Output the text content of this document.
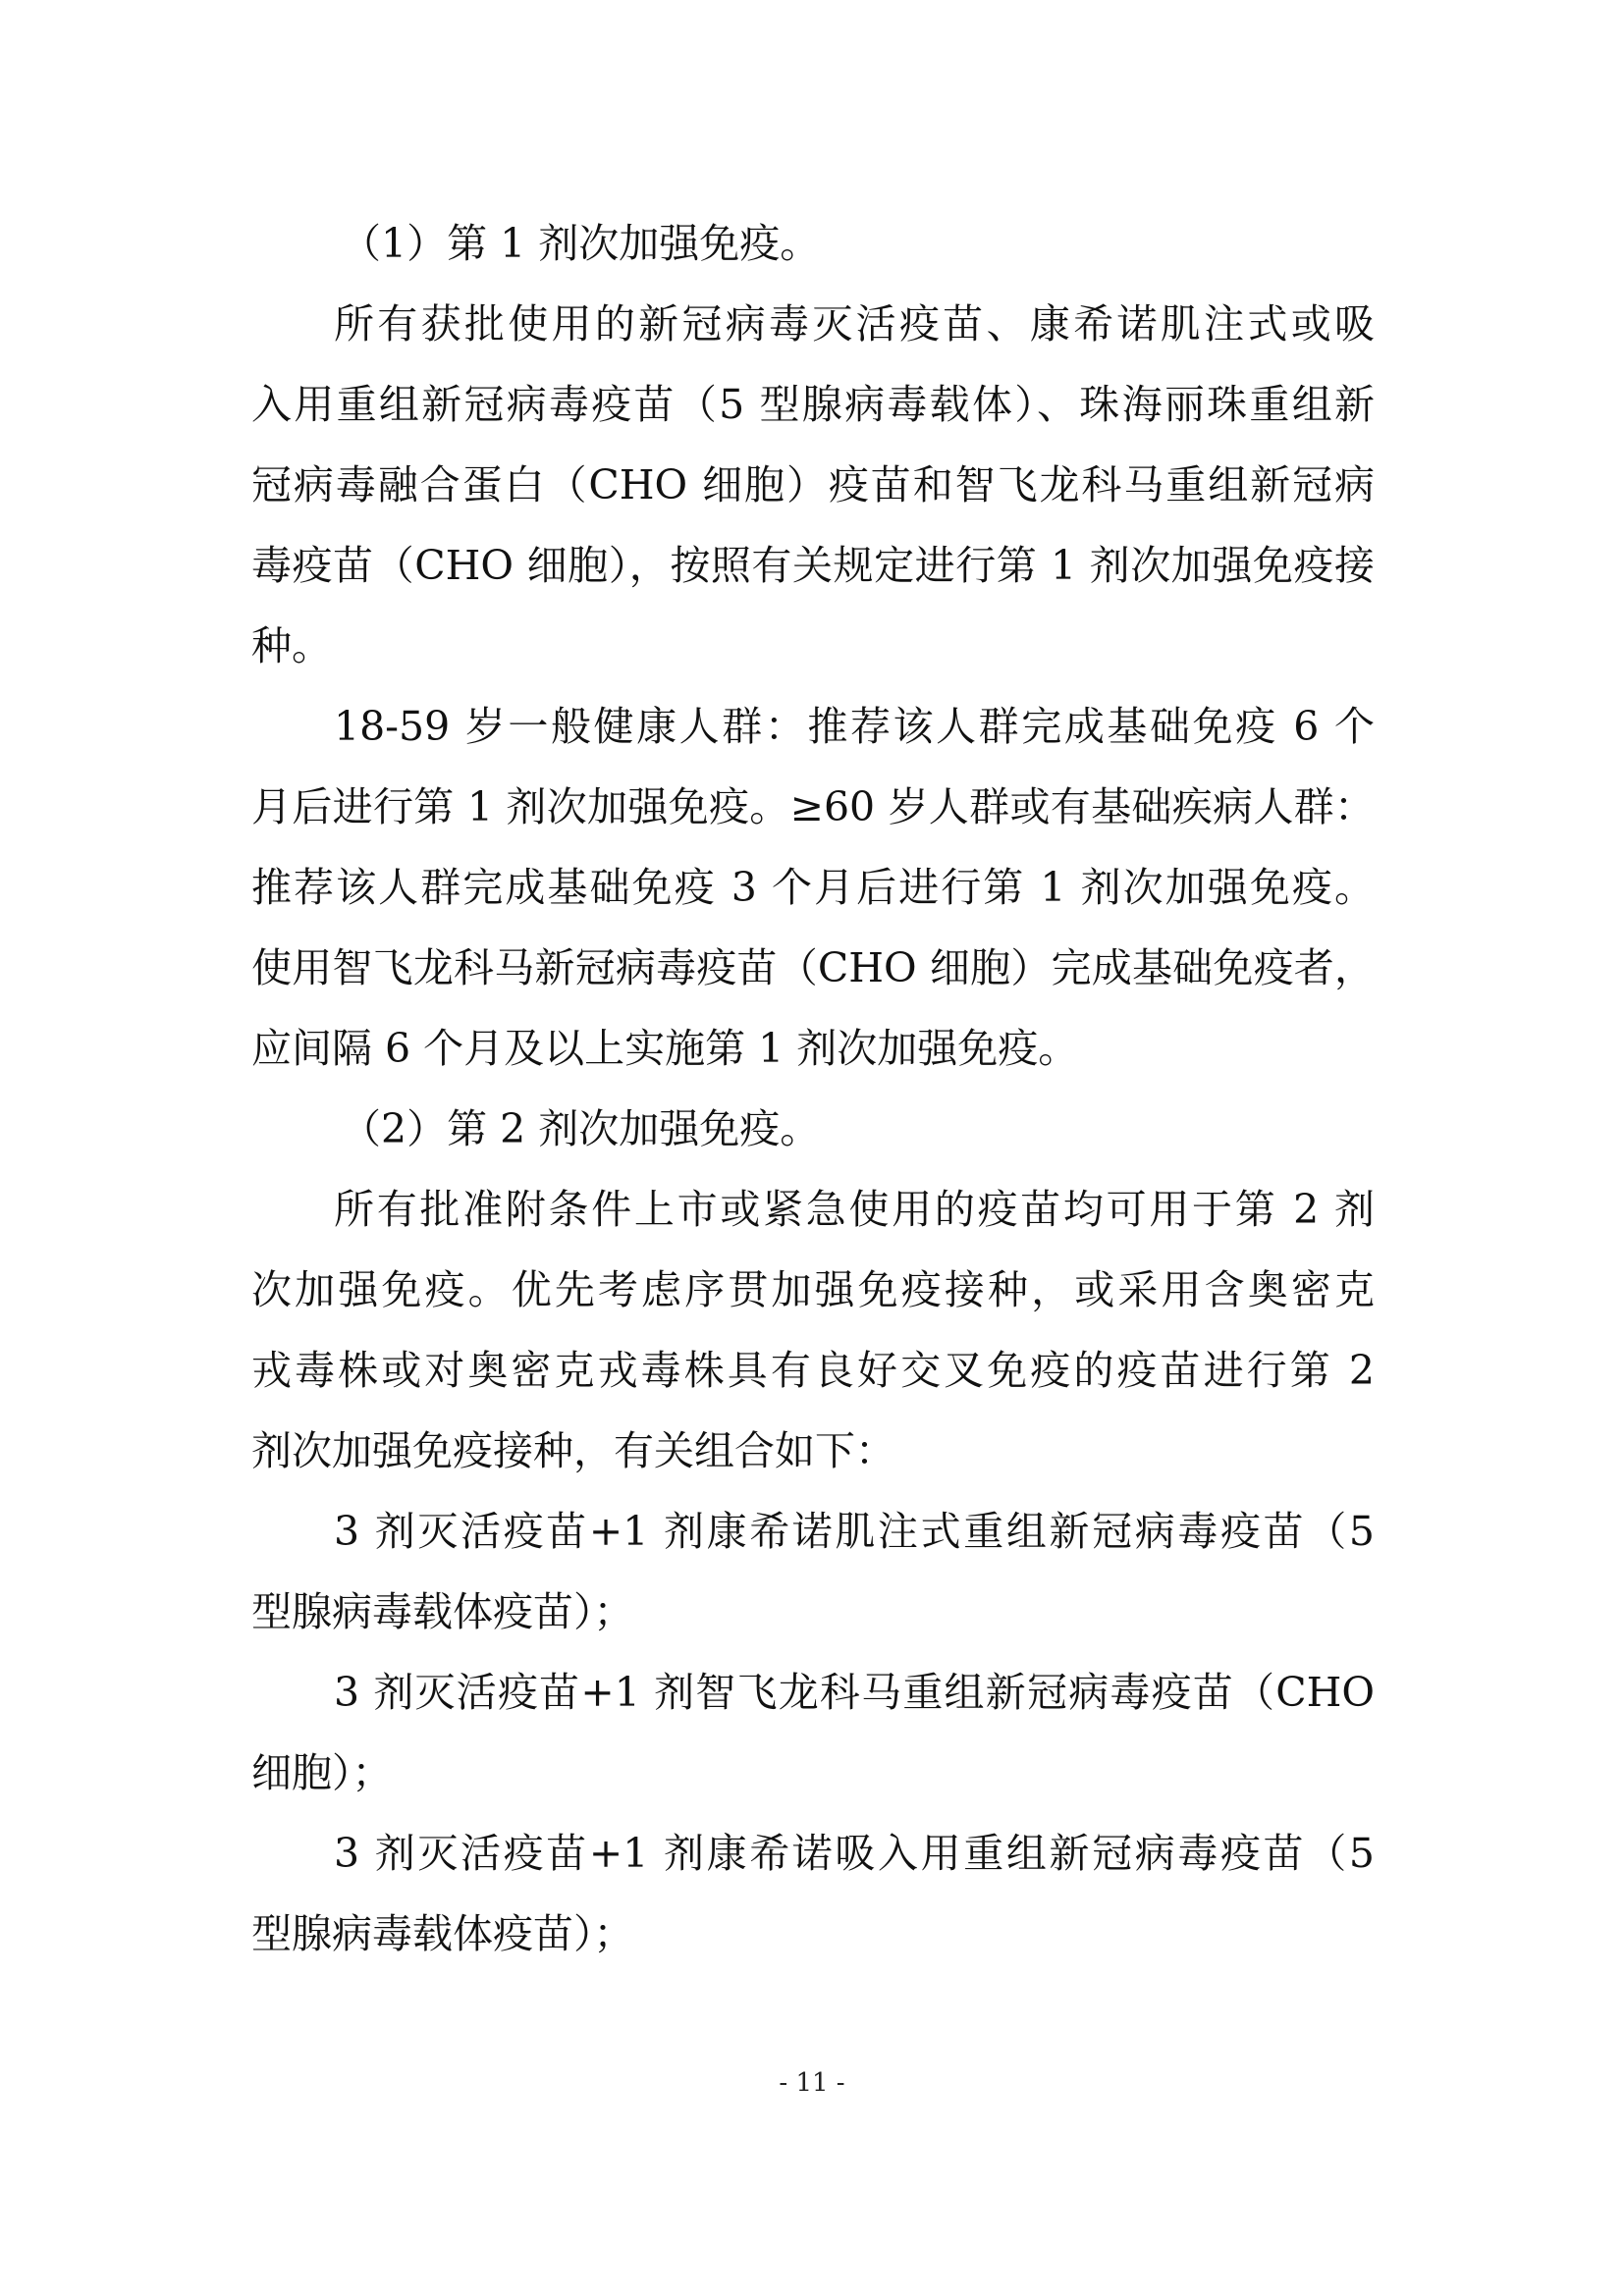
（1）第 1 剂次加强免疫。
所有获批使用的新冠病毒灭活疫苗、康希诺肌注式或吸
入用重组新冠病毒疫苗（5 型腺病毒载体）、珠海丽珠重组新
冠病毒融合蛋白（CHO 细胞）疫苗和智飞龙科马重组新冠病
毒疫苗（CHO 细胞），按照有关规定进行第 1 剂次加强免疫接
种。
18-59 岁一般健康人群：推荐该人群完成基础免疫 6 个
月后进行第 1 剂次加强免疫。≥60 岁人群或有基础疾病人群：
推荐该人群完成基础免疫 3 个月后进行第 1 剂次加强免疫。
使用智飞龙科马新冠病毒疫苗（CHO 细胞）完成基础免疫者，
应间隔 6 个月及以上实施第 1 剂次加强免疫。
（2）第 2 剂次加强免疫。
所有批准附条件上市或紧急使用的疫苗均可用于第 2 剂
次加强免疫。优先考虑序贯加强免疫接种，或采用含奥密克
戎毒株或对奥密克戎毒株具有良好交叉免疫的疫苗进行第 2
剂次加强免疫接种，有关组合如下：
3 剂灭活疫苗+1 剂康希诺肌注式重组新冠病毒疫苗（5
型腺病毒载体疫苗）；
3 剂灭活疫苗+1 剂智飞龙科马重组新冠病毒疫苗（CHO
细胞）；
3 剂灭活疫苗+1 剂康希诺吸入用重组新冠病毒疫苗（5
型腺病毒载体疫苗）；
- 11 -
